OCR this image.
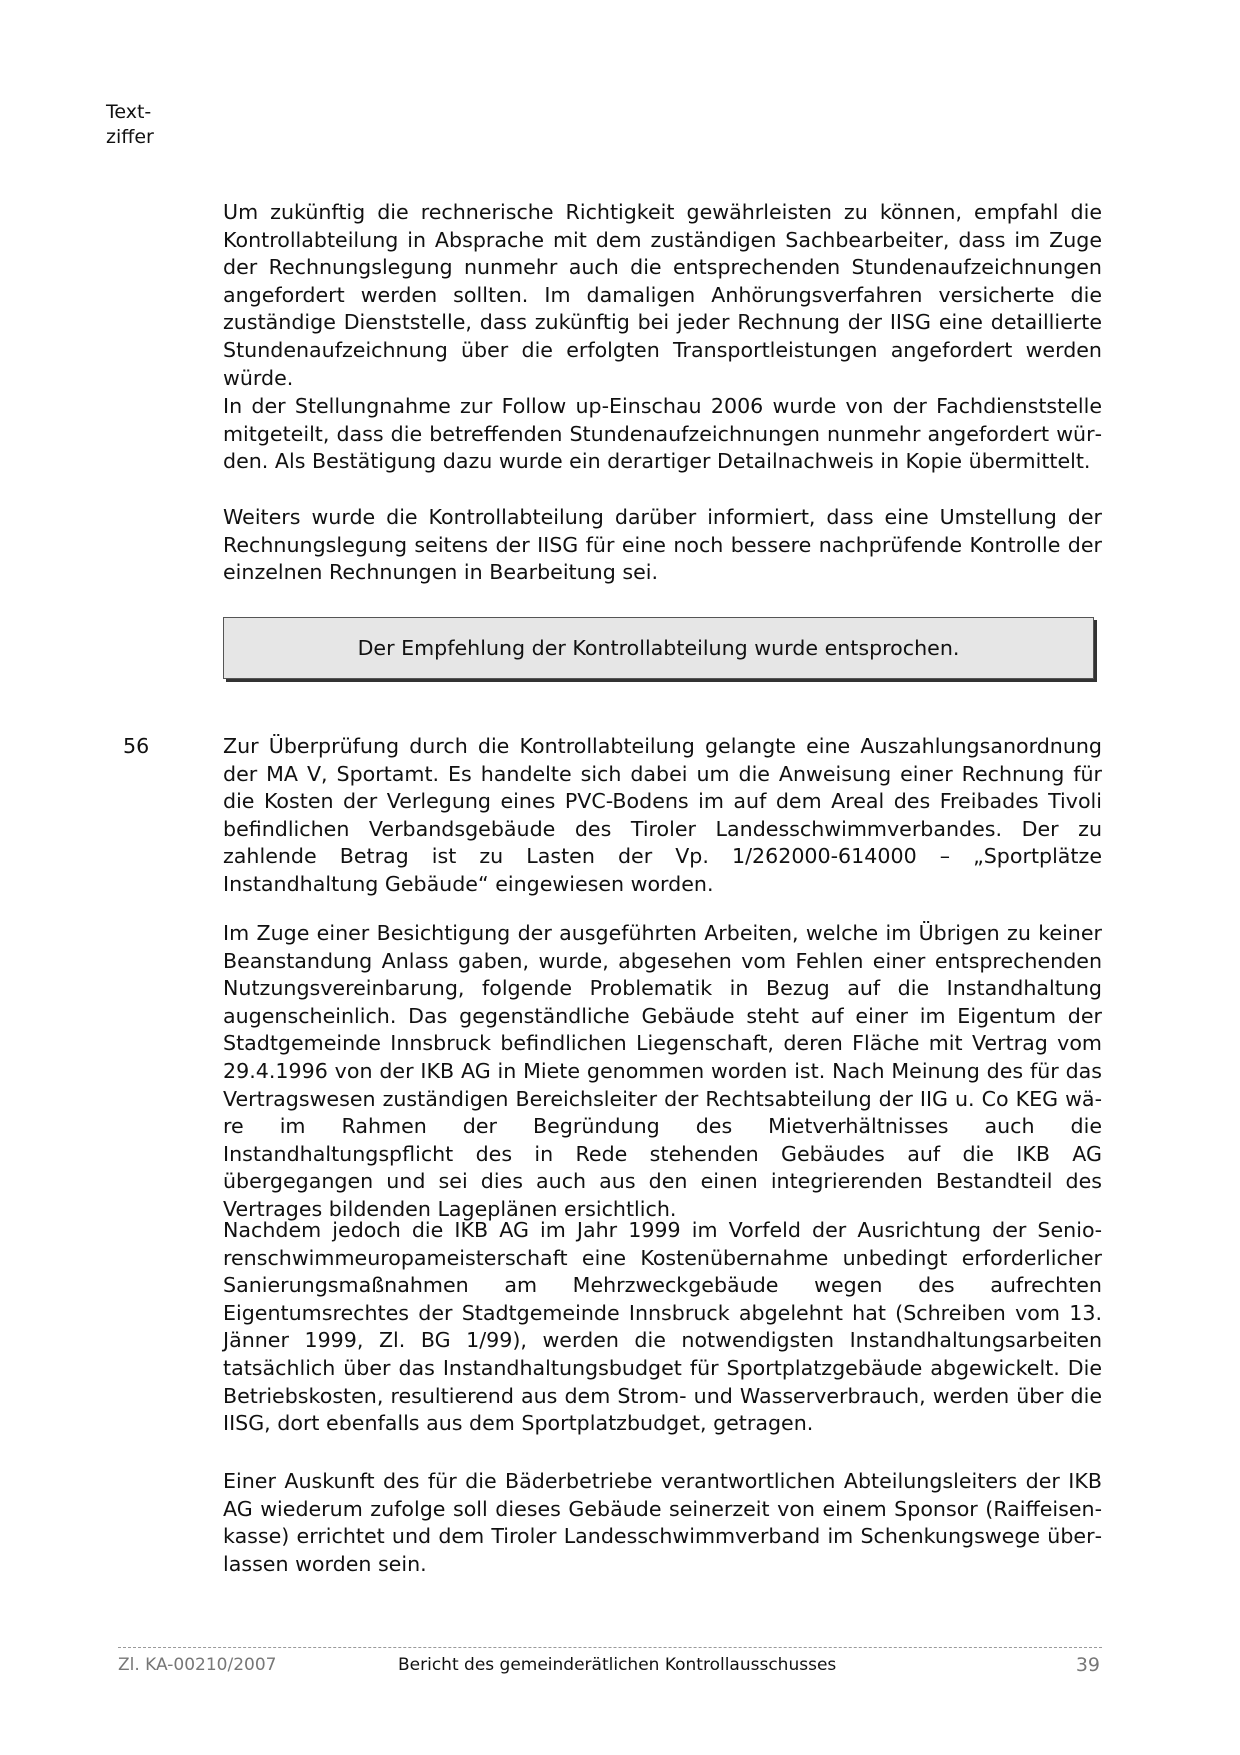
Text-
ziffer

Um zukünftig die rechnerische Richtigkeit gewährleisten zu können, empfahl die Kontrollabteilung in Absprache mit dem zuständigen Sachbearbeiter, dass im Zuge der Rechnungslegung nunmehr auch die entsprechenden Stundenaufzeichnungen angefordert werden sollten. Im damaligen Anhörungsverfahren versicherte die zuständige Dienststelle, dass zukünftig bei jeder Rechnung der IISG eine detaillierte Stundenaufzeichnung über die erfolgten Transportleistungen angefordert werden würde.

In der Stellungnahme zur Follow up-Einschau 2006 wurde von der Fachdienststelle mitgeteilt, dass die betreffenden Stundenaufzeichnungen nunmehr angefordert würden. Als Bestätigung dazu wurde ein derartiger Detailnachweis in Kopie übermittelt.

Weiters wurde die Kontrollabteilung darüber informiert, dass eine Umstellung der Rechnungslegung seitens der IISG für eine noch bessere nachprüfende Kontrolle der einzelnen Rechnungen in Bearbeitung sei.

Der Empfehlung der Kontrollabteilung wurde entsprochen.
56	Zur Überprüfung durch die Kontrollabteilung gelangte eine Auszahlungsanordnung der MA V, Sportamt. Es handelte sich dabei um die Anweisung einer Rechnung für die Kosten der Verlegung eines PVC-Bodens im auf dem Areal des Freibades Tivoli befindlichen Verbandsgebäude des Tiroler Landesschwimmverbandes. Der zu zahlende Betrag ist zu Lasten der Vp. 1/262000-614000 – „Sportplätze Instandhaltung Gebäude“ eingewiesen worden.

Im Zuge einer Besichtigung der ausgeführten Arbeiten, welche im Übrigen zu keiner Beanstandung Anlass gaben, wurde, abgesehen vom Fehlen einer entsprechenden Nutzungsvereinbarung, folgende Problematik in Bezug auf die Instandhaltung augenscheinlich. Das gegenständliche Gebäude steht auf einer im Eigentum der Stadtgemeinde Innsbruck befindlichen Liegenschaft, deren Fläche mit Vertrag vom 29.4.1996 von der IKB AG in Miete genommen worden ist. Nach Meinung des für das Vertragswesen zuständigen Bereichsleiter der Rechtsabteilung der IIG u. Co KEG wäre im Rahmen der Begründung des Mietverhältnisses auch die Instandhaltungspflicht des in Rede stehenden Gebäudes auf die IKB AG übergegangen und sei dies auch aus den einen integrierenden Bestandteil des Vertrages bildenden Lageplänen ersichtlich.

Nachdem jedoch die IKB AG im Jahr 1999 im Vorfeld der Ausrichtung der Seniorenschwimmeuropameisterschaft eine Kostenübernahme unbedingt erforderlicher Sanierungsmaßnahmen am Mehrzweckgebäude wegen des aufrechten Eigentumsrechtes der Stadtgemeinde Innsbruck abgelehnt hat (Schreiben vom 13. Jänner 1999, Zl. BG 1/99), werden die notwendigsten Instandhaltungsarbeiten tatsächlich über das Instandhaltungsbudget für Sportplatzgebäude abgewickelt. Die Betriebskosten, resultierend aus dem Strom- und Wasserverbrauch, werden über die IISG, dort ebenfalls aus dem Sportplatzbudget, getragen.

Einer Auskunft des für die Bäderbetriebe verantwortlichen Abteilungsleiters der IKB AG wiederum zufolge soll dieses Gebäude seinerzeit von einem Sponsor (Raiffeisenkasse) errichtet und dem Tiroler Landesschwimmverband im Schenkungswege überlassen worden sein.

Zl. KA-00210/2007	Bericht des gemeinderätlichen Kontrollausschusses	39
